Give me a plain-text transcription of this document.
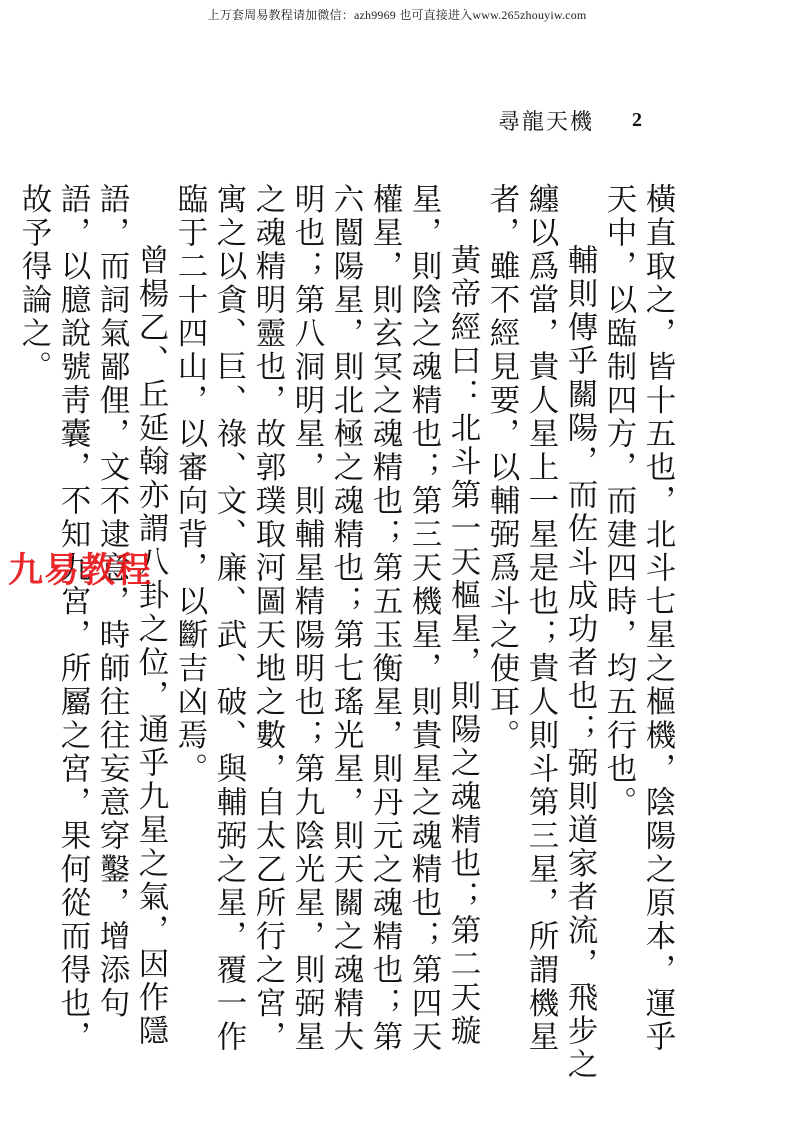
上万套周易教程请加微信：azh9969 也可直接进入www.265zhouyiw.com
尋龍天機 2

橫直取之，皆十五也，北斗七星之樞機，陰陽之原本，運乎天中，以臨制四方，而建四時，均五行也。

輔則傳乎關陽，而佐斗成功者也；弼則道家者流，飛步之纏以爲當，貴人星上一星是也；貴人則斗第三星，所謂機星者，雖不經見要，以輔弼爲斗之使耳。

黃帝經曰：北斗第一天樞星，則陽之魂精也；第二天璇星，則陰之魂精也；第三天機星，則貴星之魂精也；第四天權星，則玄冥之魂精也；第五玉衡星，則丹元之魂精也；第六闓陽星，則北極之魂精也；第七瑤光星，則天關之魂精大明也；第八洞明星，則輔星精陽明也；第九陰光星，則弼星之魂精明靈也，故郭璞取河圖天地之數，自太乙所行之宮，寓之以貪、巨、祿、文、廉、武、破、與輔弼之星，覆一作臨于二十四山，以審向背，以斷吉凶焉。

曾楊乙、丘延翰亦謂八卦之位，通乎九星之氣，因作隱語，而詞氣鄙俚，文不逮意，時師往往妄意穿鑿，增添句語，以臆說號靑囊，不知九宮，所屬之宮，果何從而得也，故予得論之。

九易教程
